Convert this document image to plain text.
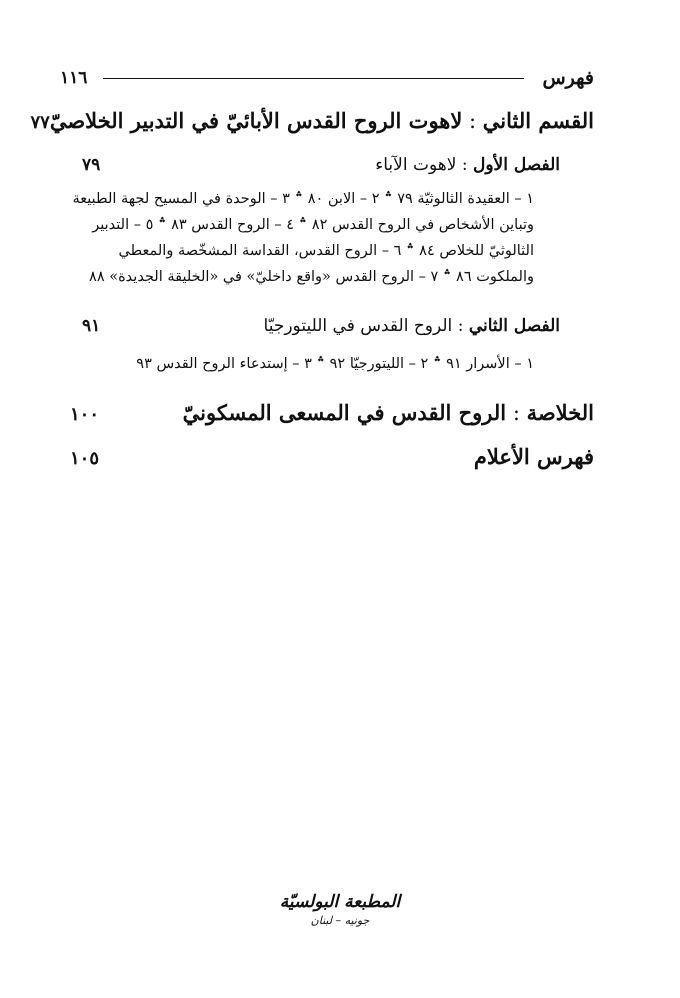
فهرس
١١٦
القسم الثاني : لاهوت الروح القدس الأبائيّ في التدبير الخلاصيّ
٧٧
الفصل الأول : لاهوت الآباء
٧٩
١ – العقيدة الثالوثيّة ٧٩ ؞ ٢ – الابن ٨٠ ؞ ٣ – الوحدة في المسيح لجهة الطبيعة
وتباين الأشخاص في الروح القدس ٨٢ ؞ ٤ – الروح القدس ٨٣ ؞ ٥ – التدبير
الثالوثيّ للخلاص ٨٤ ؞ ٦ – الروح القدس، القداسة المشخّصة والمعطي
والملكوت ٨٦ ؞ ٧ – الروح القدس «واقع داخليّ» في «الخليقة الجديدة» ٨٨
الفصل الثاني : الروح القدس في الليتورجيّا
٩١
١ – الأسرار ٩١ ؞ ٢ – الليتورجيّا ٩٢ ؞ ٣ – إستدعاء الروح القدس ٩٣
الخلاصة : الروح القدس في المسعى المسكونيّ
١٠٠
فهرس الأعلام
١٠٥
المطبعة البولسيّة
جونيه – لبنان
